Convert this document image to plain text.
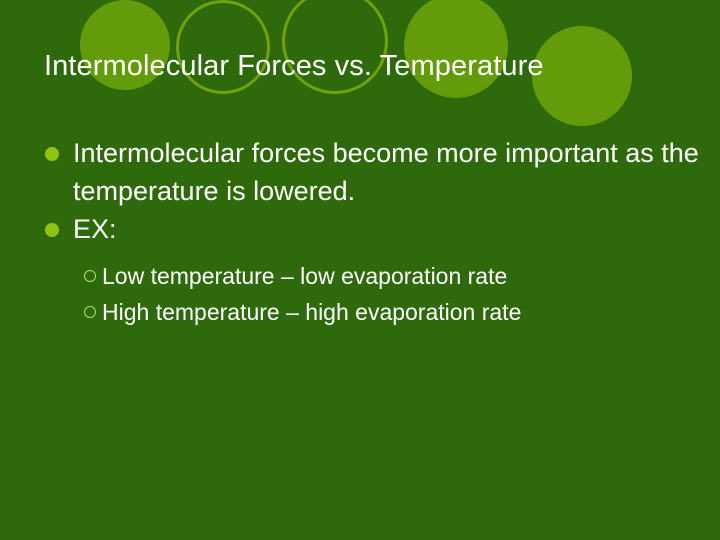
Intermolecular Forces vs. Temperature
Intermolecular forces become more important as the temperature is lowered.
EX:
Low temperature – low evaporation rate
High temperature – high evaporation rate
